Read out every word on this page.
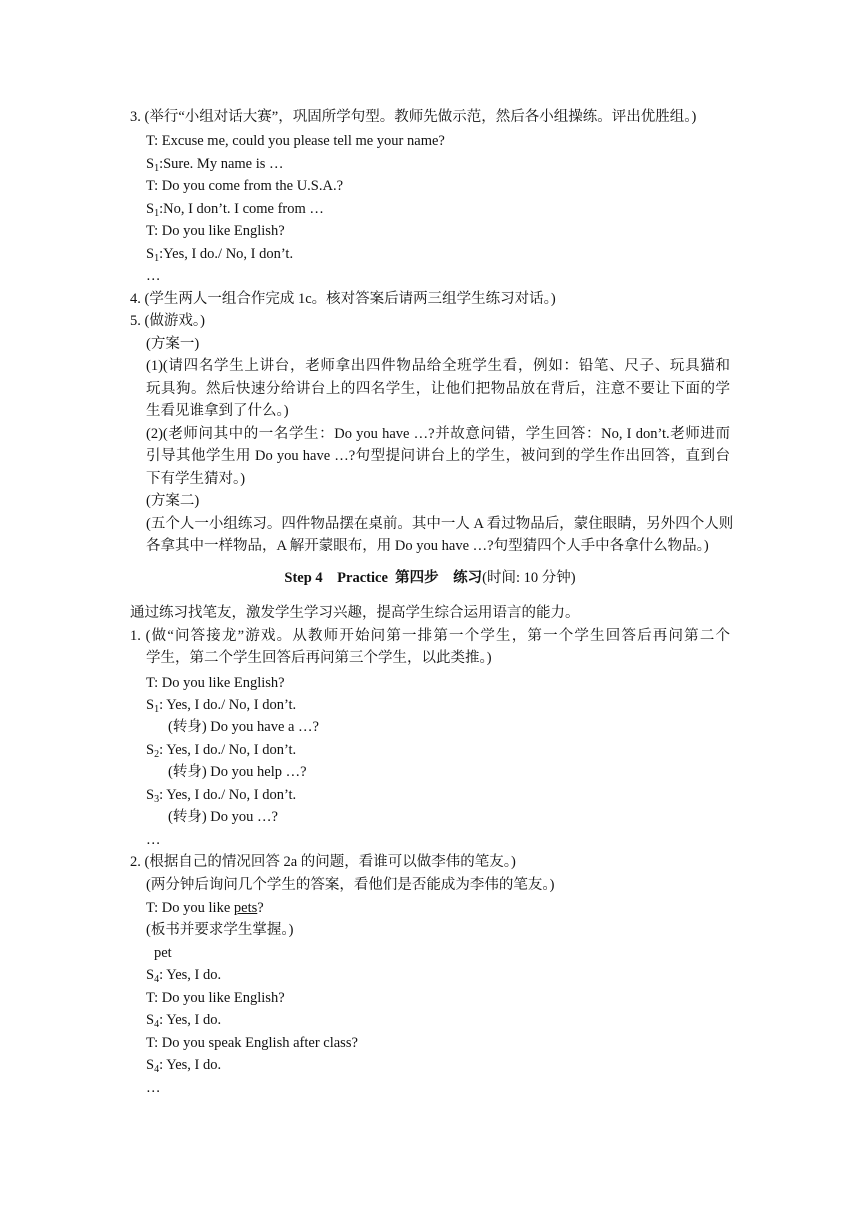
3. (举行“小组对话大赛”，巩固所学句型。教师先做示范，然后各小组操练。评出优胜组。)
T: Excuse me, could you please tell me your name?
$S_1:Sure$. My name is …
T: Do you come from the U.S.A.?
$S_1:No$, I don’t. I come from …
T: Do you like English?
$S_1:Yes$, I do./ No, I don’t.
…
4. (学生两人一组合作完成 1c。核对答案后请两三组学生练习对话。)
5. (做游戏。)
(方案一)
(1)(请四名学生上讲台，老师拿出四件物品给全班学生看，例如：铅笔、尺子、玩具猫和
玩具狗。然后快速分给讲台上的四名学生，让他们把物品放在背后，注意不要让下面的学
生看见谁拿到了什么。)
(2)(老师问其中的一名学生：Do you have …?并故意问错，学生回答：No, I don’t.老师进而
引导其他学生用 Do you have …?句型提问讲台上的学生，被问到的学生作出回答，直到台
下有学生猜对。)
(方案二)
(五个人一小组练习。四件物品摆在桌前。其中一人 A 看过物品后，蒙住眼睛，另外四个人则
各拿其中一样物品，A 解开蒙眼布，用 Do you have …?句型猜四个人手中各拿什么物品。)
Step 4　Practice 第四步　练习(时间: 10 分钟)
通过练习找笔友，激发学生学习兴趣，提高学生综合运用语言的能力。
1. (做“问答接龙”游戏。从教师开始问第一排第一个学生，第一个学生回答后再问第二个
学生，第二个学生回答后再问第三个学生，以此类推。)
T: Do you like English?
$S_1$: Yes, I do./ No, I don’t.
(转身) Do you have a …?
$S_2$: Yes, I do./ No, I don’t.
(转身) Do you help …?
$S_3$: Yes, I do./ No, I don’t.
(转身) Do you …?
…
2. (根据自己的情况回答 2a 的问题，看谁可以做李伟的笔友。)
(两分钟后询问几个学生的答案，看他们是否能成为李伟的笔友。)
T: Do you like pets?
(板书并要求学生掌握。)
pet
$S_4$: Yes, I do.
T: Do you like English?
$S_4$: Yes, I do.
T: Do you speak English after class?
$S_4$: Yes, I do.
…
